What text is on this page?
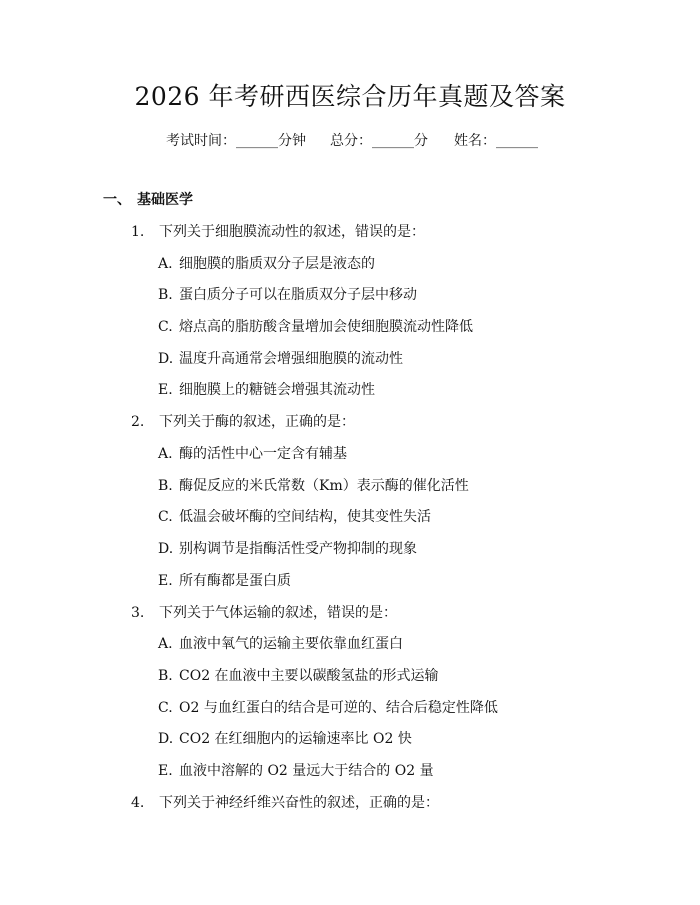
2026 年考研西医综合历年真题及答案
考试时间：______分钟 总分：______分 姓名：______
一、 基础医学
1. 下列关于细胞膜流动性的叙述，错误的是：
A. 细胞膜的脂质双分子层是液态的
B. 蛋白质分子可以在脂质双分子层中移动
C. 熔点高的脂肪酸含量增加会使细胞膜流动性降低
D. 温度升高通常会增强细胞膜的流动性
E. 细胞膜上的糖链会增强其流动性
2. 下列关于酶的叙述，正确的是：
A. 酶的活性中心一定含有辅基
B. 酶促反应的米氏常数（Km）表示酶的催化活性
C. 低温会破坏酶的空间结构，使其变性失活
D. 别构调节是指酶活性受产物抑制的现象
E. 所有酶都是蛋白质
3. 下列关于气体运输的叙述，错误的是：
A. 血液中氧气的运输主要依靠血红蛋白
B. CO2 在血液中主要以碳酸氢盐的形式运输
C. O2 与血红蛋白的结合是可逆的、结合后稳定性降低
D. CO2 在红细胞内的运输速率比 O2 快
E. 血液中溶解的 O2 量远大于结合的 O2 量
4. 下列关于神经纤维兴奋性的叙述，正确的是：
